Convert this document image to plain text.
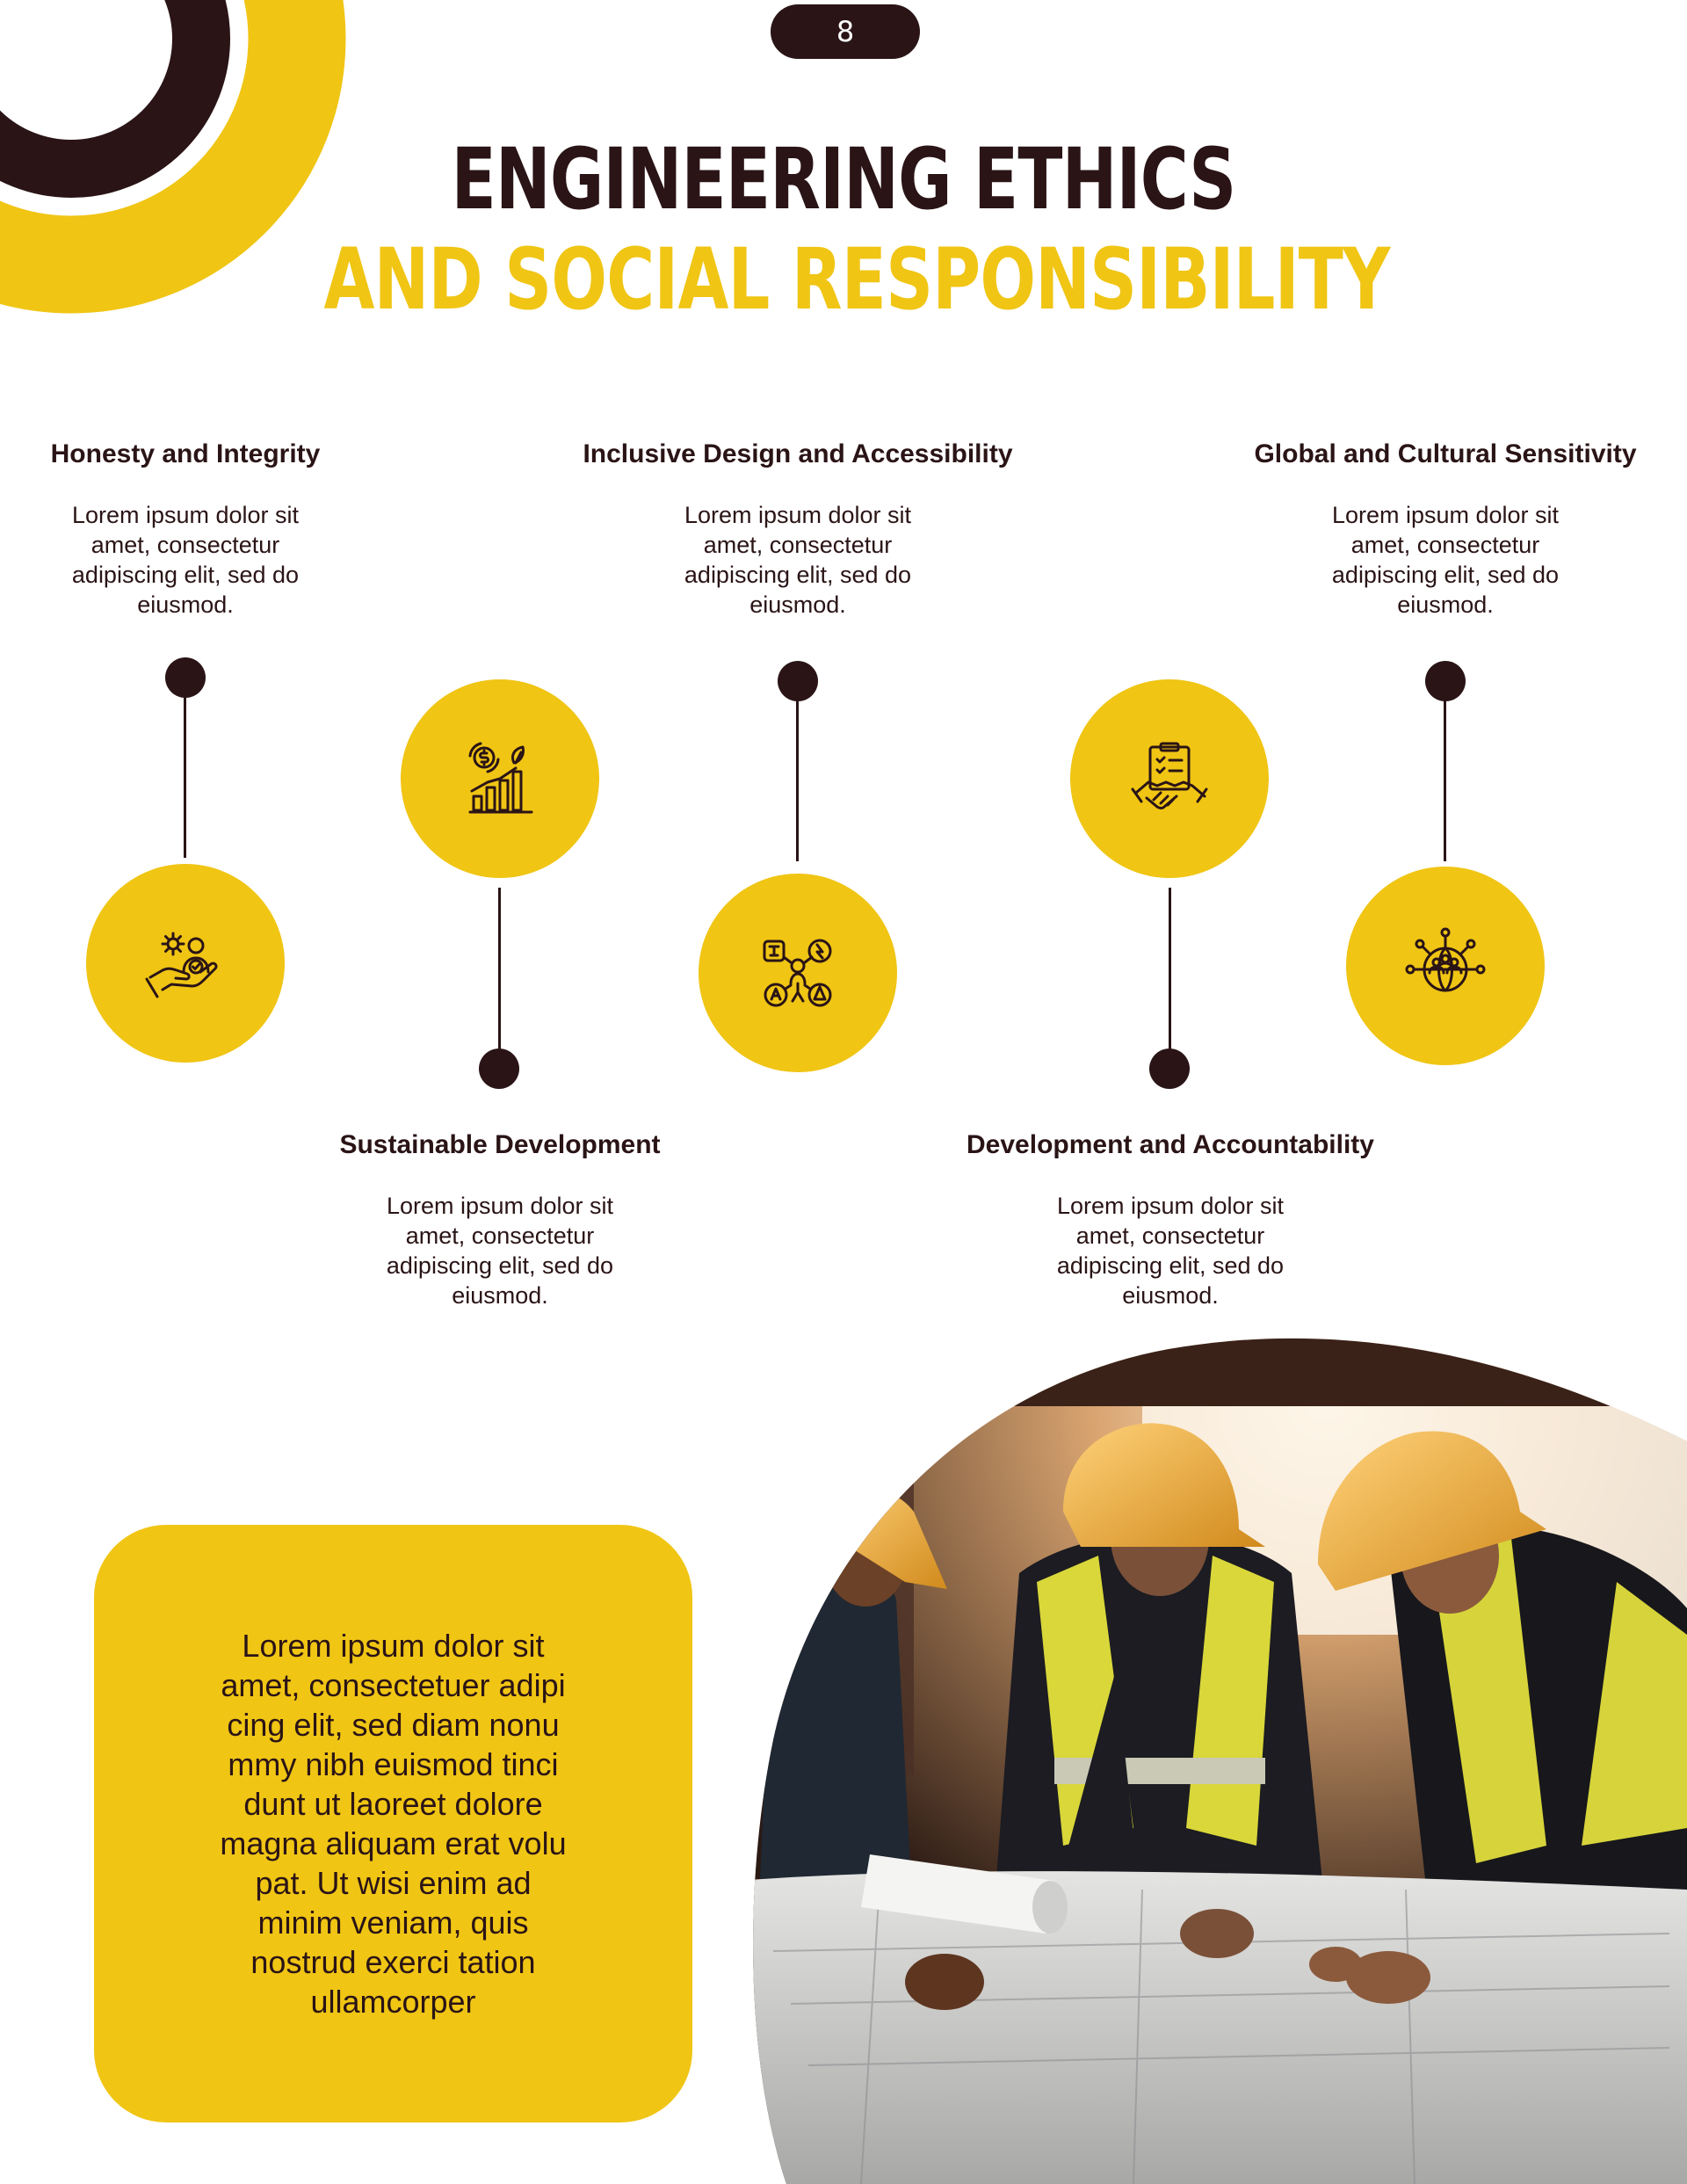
8
ENGINEERING ETHICS
AND SOCIAL RESPONSIBILITY
Honesty and Integrity
Lorem ipsum dolor sit amet, consectetur adipiscing elit, sed do eiusmod.
Sustainable Development
Lorem ipsum dolor sit amet, consectetur adipiscing elit, sed do eiusmod.
Inclusive Design and Accessibility
Lorem ipsum dolor sit amet, consectetur adipiscing elit, sed do eiusmod.
Development and Accountability
Lorem ipsum dolor sit amet, consectetur adipiscing elit, sed do eiusmod.
Global and Cultural Sensitivity
Lorem ipsum dolor sit amet, consectetur adipiscing elit, sed do eiusmod.

Lorem ipsum dolor sit amet, consectetuer adipi cing elit, sed diam nonu mmy nibh euismod tinci dunt ut laoreet dolore magna aliquam erat volu pat. Ut wisi enim ad minim veniam, quis nostrud exerci tation ullamcorper
